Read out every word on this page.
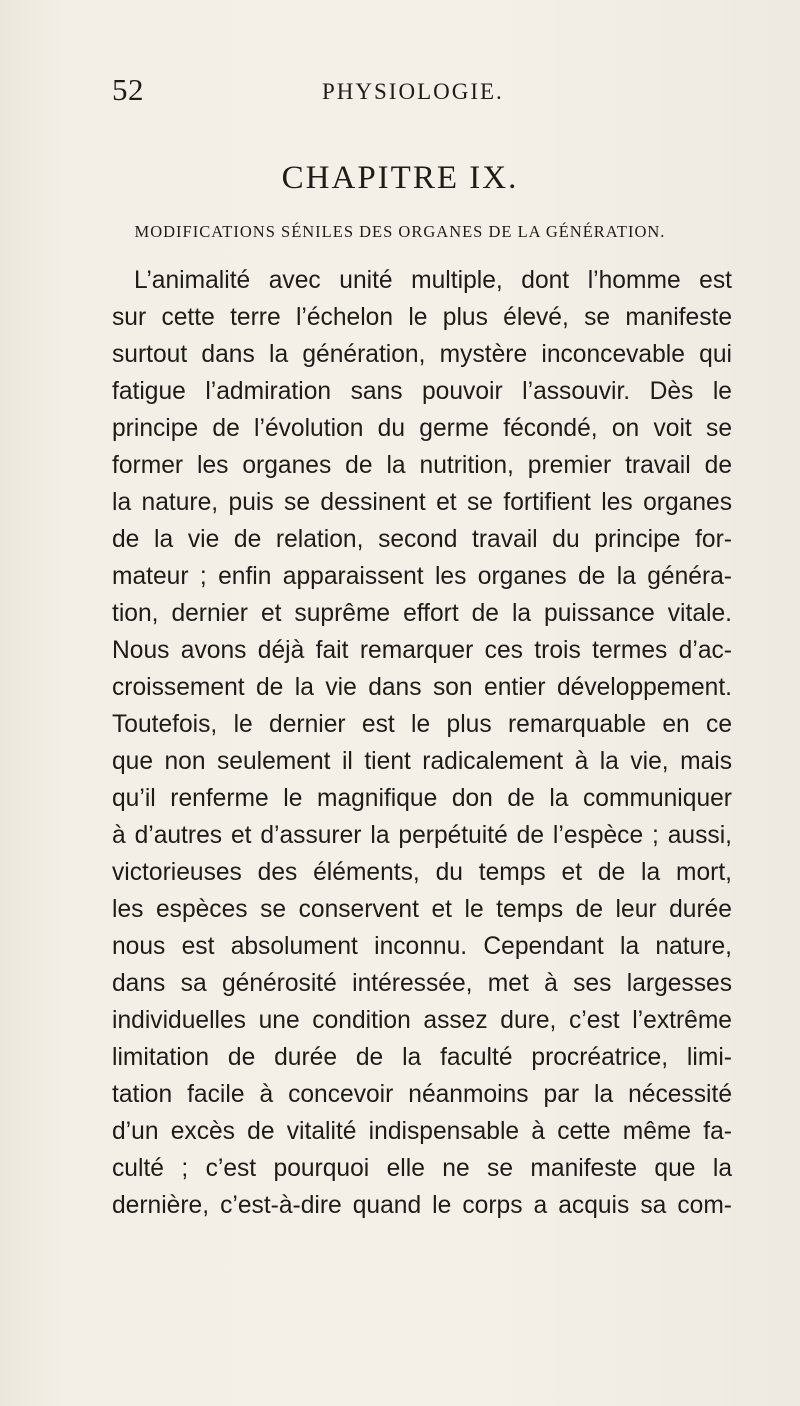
52	PHYSIOLOGIE.
CHAPITRE IX.
MODIFICATIONS SÉNILES DES ORGANES DE LA GÉNÉRATION.
L’animalité avec unité multiple, dont l’homme est
sur cette terre l’échelon le plus élevé, se manifeste
surtout dans la génération, mystère inconcevable qui
fatigue l’admiration sans pouvoir l’assouvir. Dès le
principe de l’évolution du germe fécondé, on voit se
former les organes de la nutrition, premier travail de
la nature, puis se dessinent et se fortifient les organes
de la vie de relation, second travail du principe for-
mateur ; enfin apparaissent les organes de la généra-
tion, dernier et suprême effort de la puissance vitale.
Nous avons déjà fait remarquer ces trois termes d’ac-
croissement de la vie dans son entier développement.
Toutefois, le dernier est le plus remarquable en ce
que non seulement il tient radicalement à la vie, mais
qu’il renferme le magnifique don de la communiquer
à d’autres et d’assurer la perpétuité de l’espèce ; aussi,
victorieuses des éléments, du temps et de la mort,
les espèces se conservent et le temps de leur durée
nous est absolument inconnu. Cependant la nature,
dans sa générosité intéressée, met à ses largesses
individuelles une condition assez dure, c’est l’extrême
limitation de durée de la faculté procréatrice, limi-
tation facile à concevoir néanmoins par la nécessité
d’un excès de vitalité indispensable à cette même fa-
culté ; c’est pourquoi elle ne se manifeste que la
dernière, c’est-à-dire quand le corps a acquis sa com-
